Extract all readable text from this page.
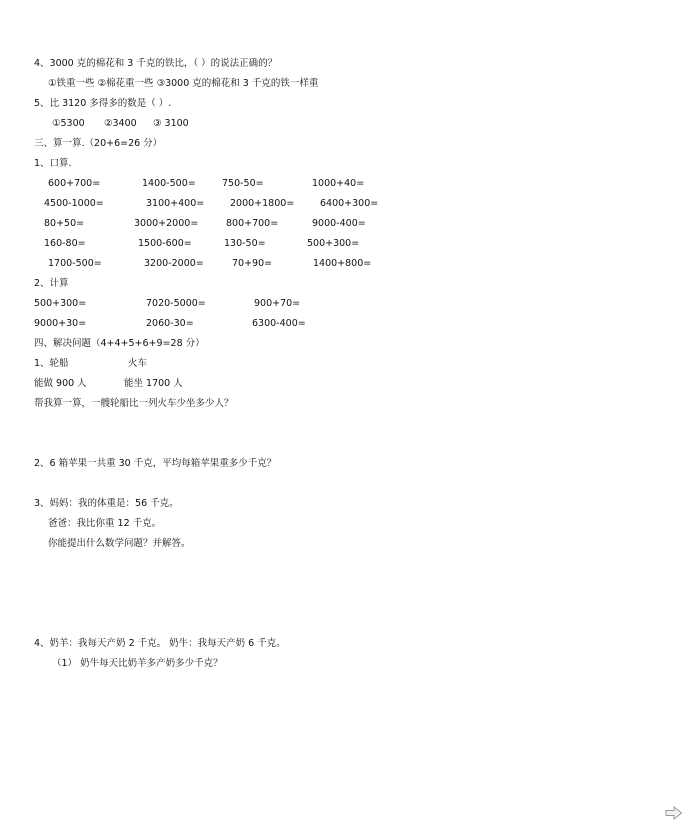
4、3000 克的棉花和 3 千克的铁比，（ ）的说法正确的？
①铁重一些 ②棉花重一些 ③3000 克的棉花和 3 千克的铁一样重
5、比 3120 多得多的数是（ ）.
①5300 ②3400 ③ 3100
三、算一算.（20+6=26 分）
1、口算.
600+700=	1400-500=	750-50=	1000+40=
4500-1000=	3100+400=	2000+1800=	6400+300=
80+50=	3000+2000=	800+700=	9000-400=
160-80=	1500-600=	130-50=	500+300=
1700-500=	3200-2000=	70+90=	1400+800=
2、计算
500+300=	7020-5000=	900+70=
9000+30=	2060-30=	6300-400=
四、解决问题（4+4+5+6+9=28 分）
1、轮船	火车
能做 900 人	能坐 1700 人
帮我算一算，一艘轮船比一列火车少坐多少人？
2、6 箱苹果一共重 30 千克，平均每箱苹果重多少千克？
3、妈妈：我的体重是：56 千克。
爸爸：我比你重 12 千克。
你能提出什么数学问题？并解答。
4、奶羊：我每天产奶 2 千克。 奶牛：我每天产奶 6 千克。
（1） 奶牛每天比奶羊多产奶多少千克？
